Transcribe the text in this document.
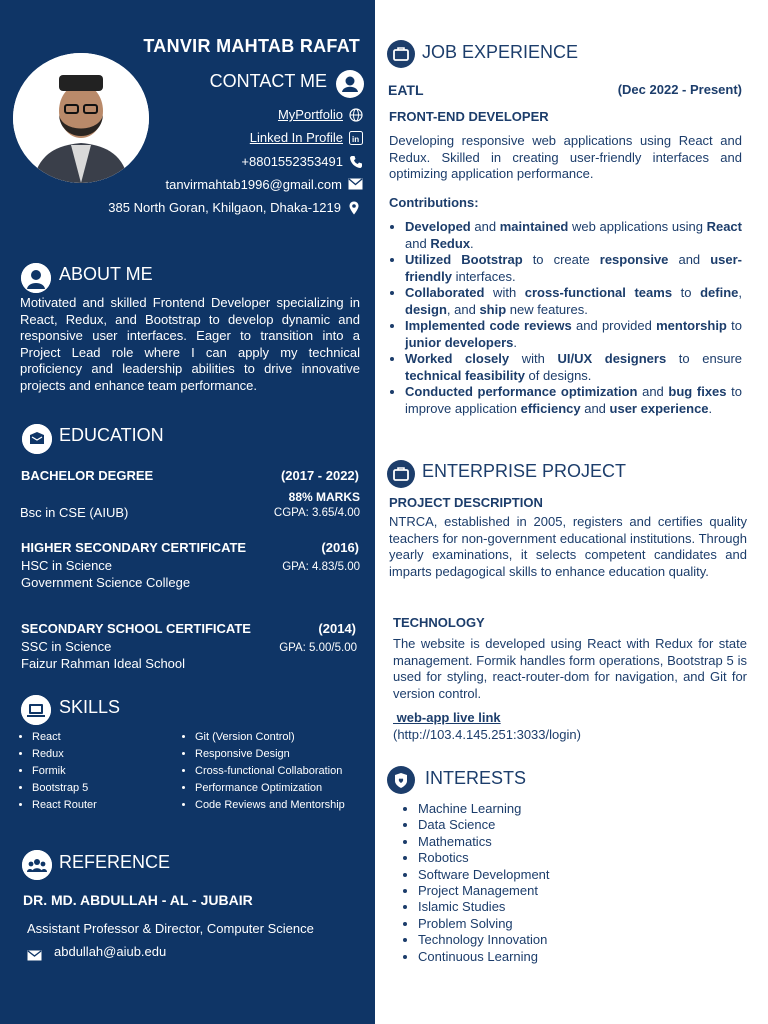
TANVIR MAHTAB RAFAT
CONTACT ME
MyPortfolio
Linked In Profile in
+8801552353491
tanvirmahtab1996@gmail.com
385 North Goran, Khilgaon, Dhaka-1219
ABOUT ME
Motivated and skilled Frontend Developer specializing in React, Redux, and Bootstrap to develop dynamic and responsive user interfaces. Eager to transition into a Project Lead role where I can apply my technical proficiency and leadership abilities to drive innovative projects and enhance team performance.
EDUCATION
BACHELOR DEGREE	(2017 - 2022)
88% MARKS
Bsc in CSE (AIUB)	CGPA: 3.65/4.00
HIGHER SECONDARY CERTIFICATE	(2016)
HSC in Science	GPA: 4.83/5.00
Government Science College
SECONDARY SCHOOL CERTIFICATE	(2014)
SSC in Science	GPA: 5.00/5.00
Faizur Rahman Ideal School
SKILLS
• React
• Redux
• Formik
• Bootstrap 5
• React Router
• Git (Version Control)
• Responsive Design
• Cross-functional Collaboration
• Performance Optimization
• Code Reviews and Mentorship
REFERENCE
DR. MD. ABDULLAH - AL - JUBAIR
Assistant Professor & Director, Computer Science
abdullah@aiub.edu
JOB EXPERIENCE
EATL	(Dec 2022 - Present)
FRONT-END DEVELOPER
Developing responsive web applications using React and Redux. Skilled in creating user-friendly interfaces and optimizing application performance.
Contributions:
• Developed and maintained web applications using React and Redux.
• Utilized Bootstrap to create responsive and user-friendly interfaces.
• Collaborated with cross-functional teams to define, design, and ship new features.
• Implemented code reviews and provided mentorship to junior developers.
• Worked closely with UI/UX designers to ensure technical feasibility of designs.
• Conducted performance optimization and bug fixes to improve application efficiency and user experience.
ENTERPRISE PROJECT
PROJECT DESCRIPTION
NTRCA, established in 2005, registers and certifies quality teachers for non-government educational institutions. Through yearly examinations, it selects competent candidates and imparts pedagogical skills to enhance education quality.
TECHNOLOGY
The website is developed using React with Redux for state management. Formik handles form operations, Bootstrap 5 is used for styling, react-router-dom for navigation, and Git for version control.
web-app live link
(http://103.4.145.251:3033/login)
INTERESTS
• Machine Learning
• Data Science
• Mathematics
• Robotics
• Software Development
• Project Management
• Islamic Studies
• Problem Solving
• Technology Innovation
• Continuous Learning
